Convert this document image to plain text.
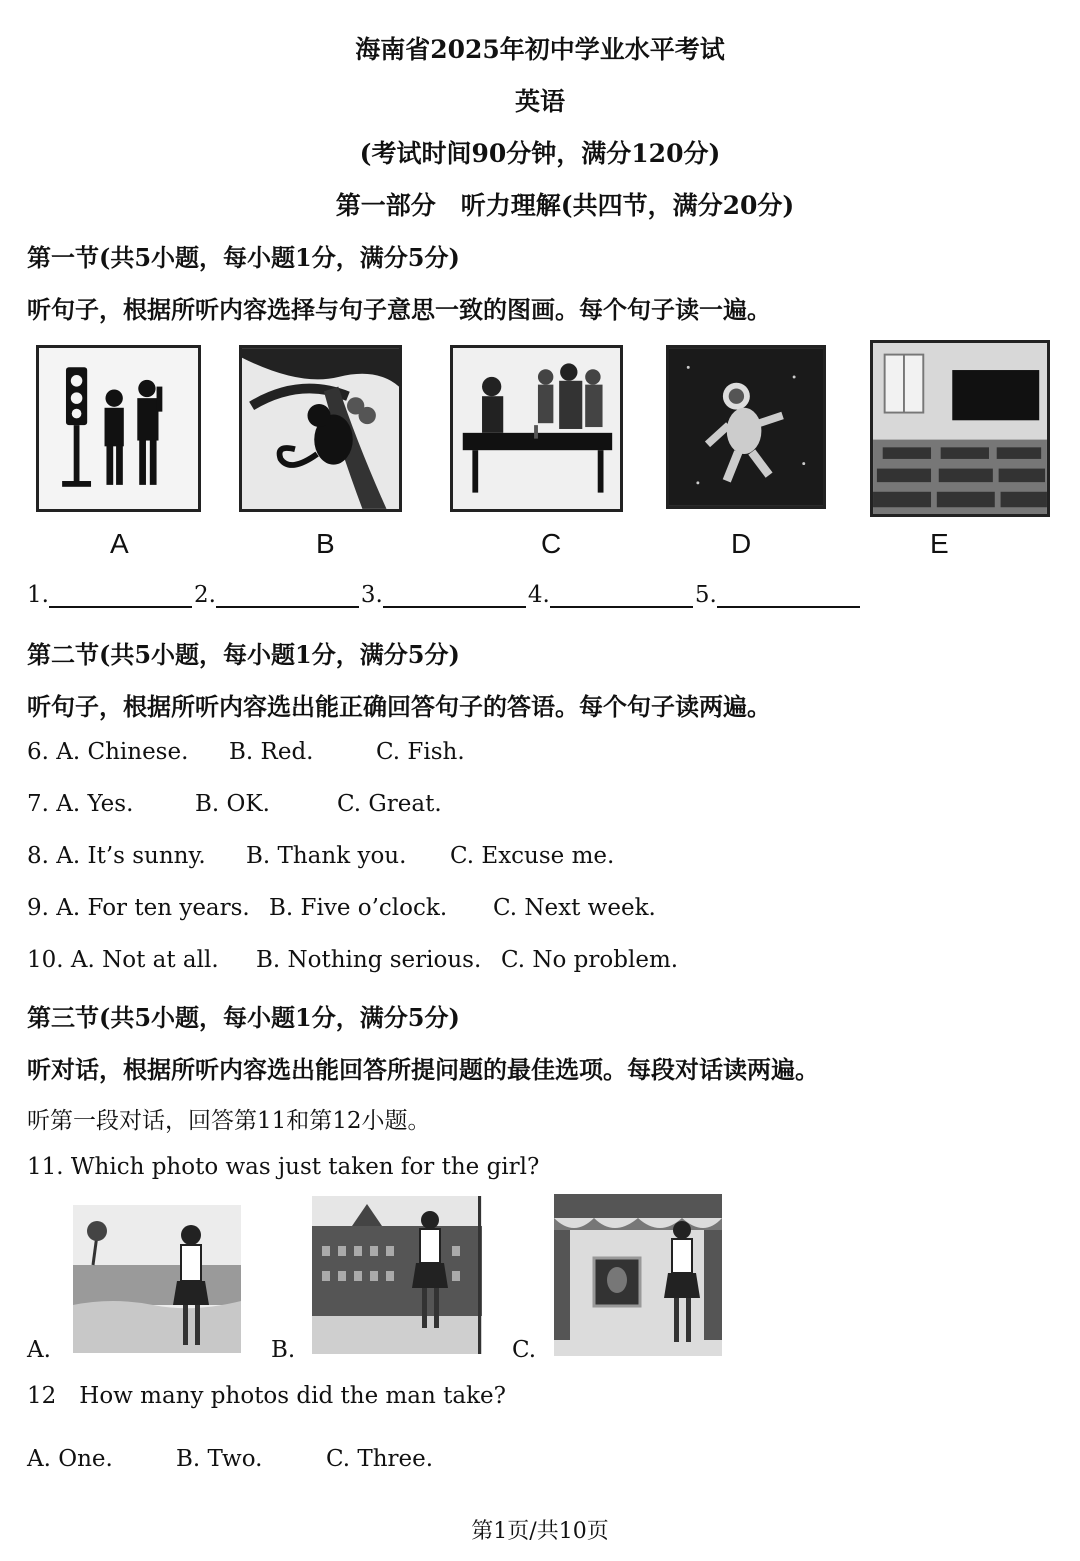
海南省2025年初中学业水平考试
英语
(考试时间90分钟，满分120分)
第一部分　听力理解(共四节，满分20分)
第一节(共5小题，每小题1分，满分5分)
听句子，根据所听内容选择与句子意思一致的图画。每个句子读一遍。
A	B	C	D	E
1.	2.	3.	4.	5.
第二节(共5小题，每小题1分，满分5分)
听句子，根据所听内容选出能正确回答句子的答语。每个句子读两遍。
6. A. Chinese. B. Red.	C. Fish.
7. A. Yes.	B. OK.	C. Great.
8. A. It’s sunny. B. Thank you. C. Excuse me.
9. A. For ten years. B. Five o’clock. C. Next week.
10. A. Not at all. B. Nothing serious. C. No problem.
第三节(共5小题，每小题1分，满分5分)
听对话，根据所听内容选出能回答所提问题的最佳选项。每段对话读两遍。
听第一段对话，回答第11和第12小题。
11. Which photo was just taken for the girl?
A.	B.	C.
12　How many photos did the man take?
A. One.	B. Two.	C. Three.
第1页/共10页
